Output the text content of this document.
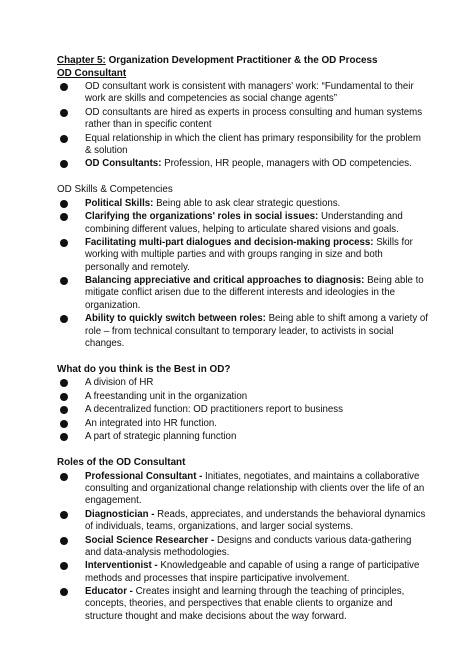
Chapter 5: Organization Development Practitioner & the OD Process

OD Consultant

OD consultant work is consistent with managers' work: “Fundamental to their work are skills and competencies as social change agents”
OD consultants are hired as experts in process consulting and human systems rather than in specific content
Equal relationship in which the client has primary responsibility for the problem & solution
OD Consultants: Profession, HR people, managers with OD competencies.

OD Skills & Competencies

Political Skills: Being able to ask clear strategic questions.
Clarifying the organizations' roles in social issues: Understanding and combining different values, helping to articulate shared visions and goals.
Facilitating multi-part dialogues and decision-making process: Skills for working with multiple parties and with groups ranging in size and both personally and remotely.
Balancing appreciative and critical approaches to diagnosis: Being able to mitigate conflict arisen due to the different interests and ideologies in the organization.
Ability to quickly switch between roles: Being able to shift among a variety of role – from technical consultant to temporary leader, to activists in social changes.

What do you think is the Best in OD?

A division of HR
A freestanding unit in the organization
A decentralized function: OD practitioners report to business
An integrated into HR function.
A part of strategic planning function

Roles of the OD Consultant

Professional Consultant - Initiates, negotiates, and maintains a collaborative consulting and organizational change relationship with clients over the life of an engagement.
Diagnostician - Reads, appreciates, and understands the behavioral dynamics of individuals, teams, organizations, and larger social systems.
Social Science Researcher - Designs and conducts various data-gathering and data-analysis methodologies.
Interventionist - Knowledgeable and capable of using a range of participative methods and processes that inspire participative involvement.
Educator - Creates insight and learning through the teaching of principles, concepts, theories, and perspectives that enable clients to organize and structure thought and make decisions about the way forward.
